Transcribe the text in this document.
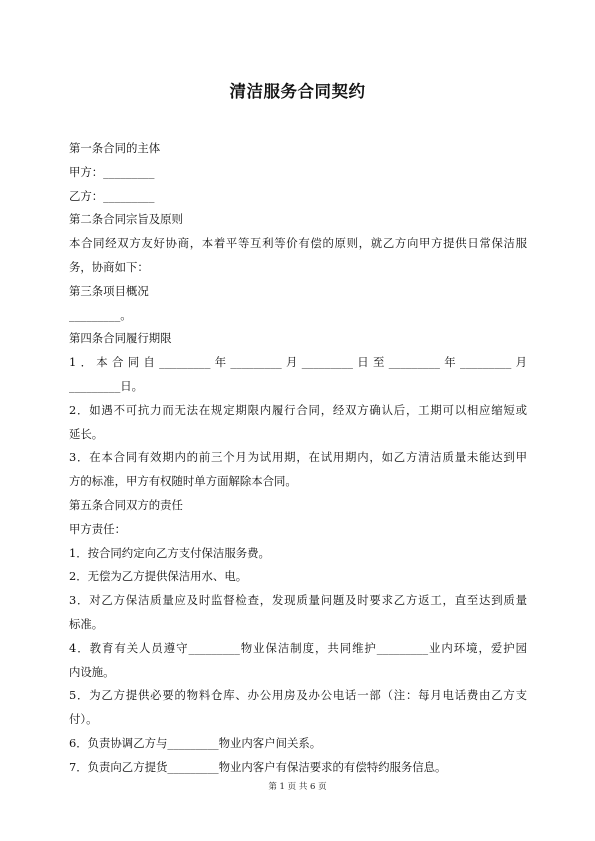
清洁服务合同契约

第一条合同的主体

甲方：_________

乙方：_________

第二条合同宗旨及原则

本合同经双方友好协商，本着平等互利等价有偿的原则，就乙方向甲方提供日常保洁服

务，协商如下：

第三条项目概况

_________。

第四条合同履行期限

1．本合同自_________年_________月_________日至_________年_________月

_________日。

2．如遇不可抗力而无法在规定期限内履行合同，经双方确认后，工期可以相应缩短或

延长。

3．在本合同有效期内的前三个月为试用期，在试用期内，如乙方清洁质量未能达到甲

方的标准，甲方有权随时单方面解除本合同。

第五条合同双方的责任

甲方责任：

1．按合同约定向乙方支付保洁服务费。

2．无偿为乙方提供保洁用水、电。

3．对乙方保洁质量应及时监督检查，发现质量问题及时要求乙方返工，直至达到质量

标准。

4．教育有关人员遵守_________物业保洁制度，共同维护_________业内环境，爱护园

内设施。

5．为乙方提供必要的物料仓库、办公用房及办公电话一部（注：每月电话费由乙方支

付）。

6．负责协调乙方与_________物业内客户间关系。

7．负责向乙方提货_________物业内客户有保洁要求的有偿特约服务信息。

第 1 页 共 6 页
